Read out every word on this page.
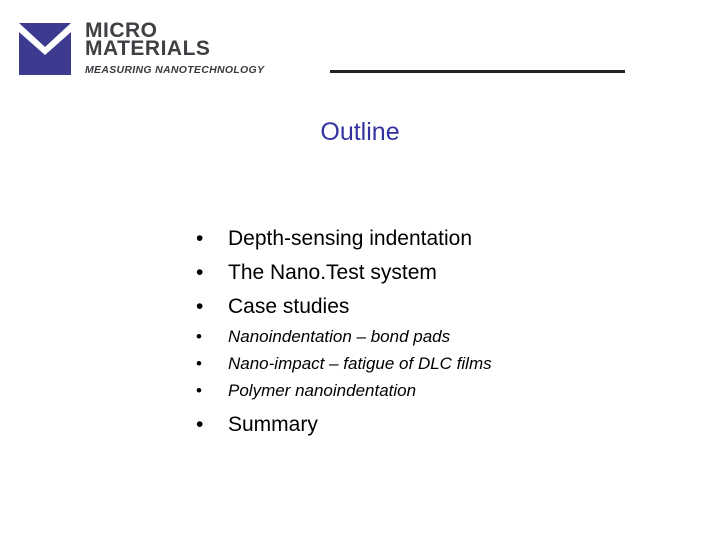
MICRO
MATERIALS
MEASURING NANOTECHNOLOGY
Outline
• Depth-sensing indentation
• The Nano.Test system
• Case studies
• Nanoindentation – bond pads
• Nano-impact – fatigue of DLC films
• Polymer nanoindentation
• Summary
